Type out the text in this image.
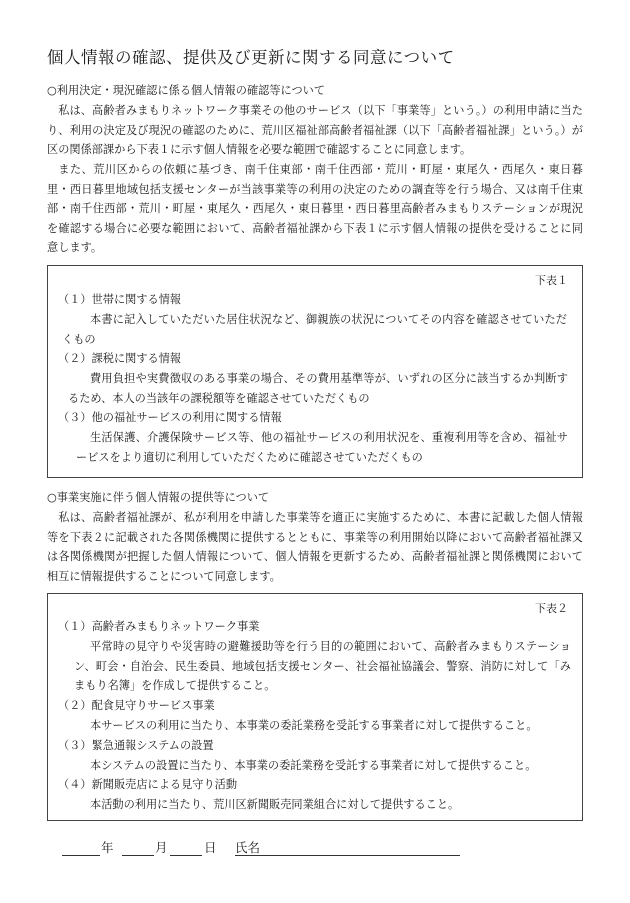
個人情報の確認、提供及び更新に関する同意について
○利用決定・現況確認に係る個人情報の確認等について

私は、高齢者みまもりネットワーク事業その他のサービス（以下「事業等」という。）の利用申請に当たり、利用の決定及び現況の確認のために、荒川区福祉部高齢者福祉課（以下「高齢者福祉課」という。）が区の関係部課から下表１に示す個人情報を必要な範囲で確認することに同意します。

また、荒川区からの依頼に基づき、南千住東部・南千住西部・荒川・町屋・東尾久・西尾久・東日暮里・西日暮里地域包括支援センターが当該事業等の利用の決定のための調査等を行う場合、又は南千住東部・南千住西部・荒川・町屋・東尾久・西尾久・東日暮里・西日暮里高齢者みまもりステーションが現況を確認する場合に必要な範囲において、高齢者福祉課から下表１に示す個人情報の提供を受けることに同意します。

下表１
（１）世帯に関する情報

本書に記入していただいた居住状況など、御親族の状況についてその内容を確認させていただくもの

（２）課税に関する情報

費用負担や実費徴収のある事業の場合、その費用基準等が、いずれの区分に該当するか判断するため、本人の当該年の課税額等を確認させていただくもの

（３）他の福祉サービスの利用に関する情報

生活保護、介護保険サービス等、他の福祉サービスの利用状況を、重複利用等を含め、福祉サービスをより適切に利用していただくために確認させていただくもの

○事業実施に伴う個人情報の提供等について

私は、高齢者福祉課が、私が利用を申請した事業等を適正に実施するために、本書に記載した個人情報等を下表２に記載された各関係機関に提供するとともに、事業等の利用開始以降において高齢者福祉課又は各関係機関が把握した個人情報について、個人情報を更新するため、高齢者福祉課と関係機関において相互に情報提供することについて同意します。

下表２
（１）高齢者みまもりネットワーク事業

平常時の見守りや災害時の避難援助等を行う目的の範囲において、高齢者みまもりステーション、町会・自治会、民生委員、地域包括支援センター、社会福祉協議会、警察、消防に対して「みまもり名簿」を作成して提供すること。

（２）配食見守りサービス事業

本サービスの利用に当たり、本事業の委託業務を受託する事業者に対して提供すること。

（３）緊急通報システムの設置

本システムの設置に当たり、本事業の委託業務を受託する事業者に対して提供すること。

（４）新聞販売店による見守り活動

本活動の利用に当たり、荒川区新聞販売同業組合に対して提供すること。

年	月	日 氏名
